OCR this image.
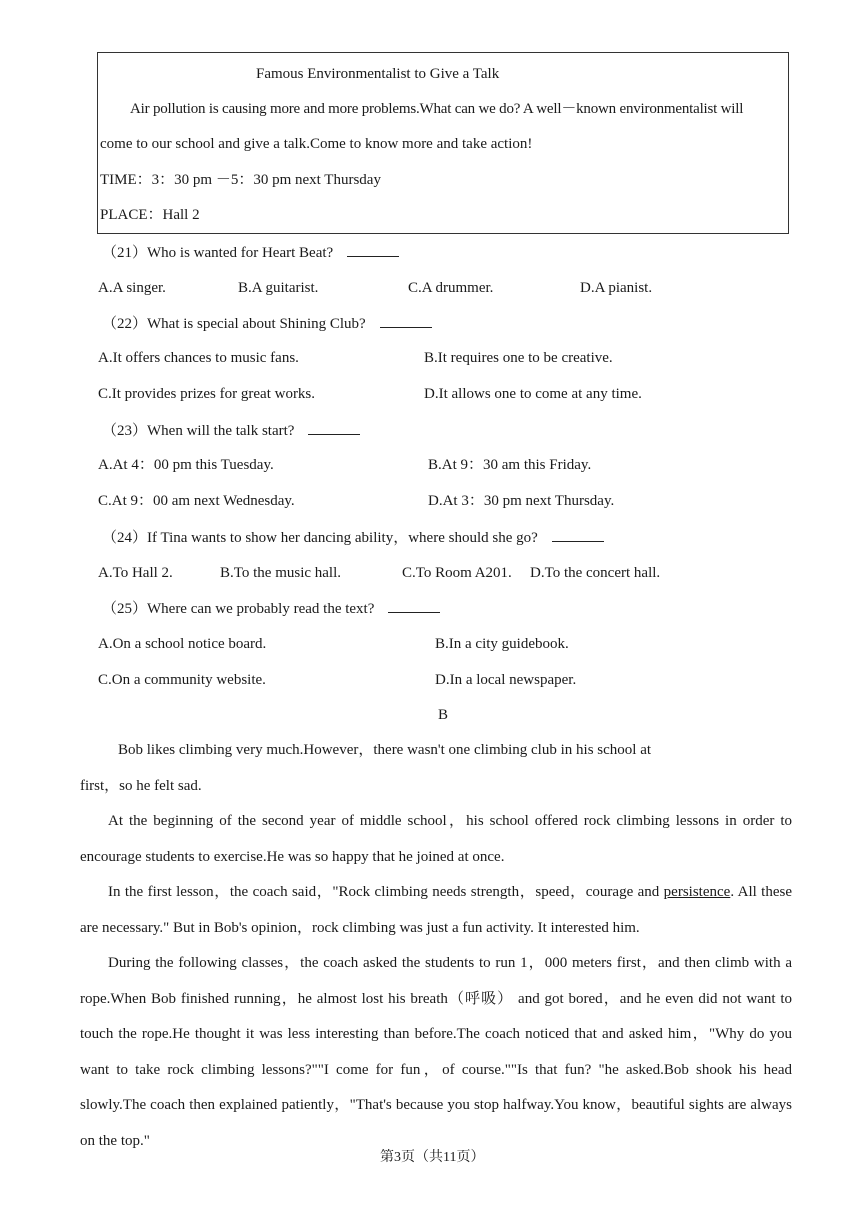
Famous Environmentalist to Give a Talk
Air pollution is causing more and more problems.What can we do? A well－known environmentalist will
come to our school and give a talk.Come to know more and take action!
TIME：3：30 pm －5：30 pm next Thursday
PLACE：Hall 2
（21）Who is wanted for Heart Beat?
A.A singer.	B.A guitarist.	C.A drummer.	D.A pianist.
（22）What is special about Shining Club?
A.It offers chances to music fans.	B.It requires one to be creative.
C.It provides prizes for great works.	D.It allows one to come at any time.
（23）When will the talk start?
A.At 4：00 pm this Tuesday.	B.At 9：30 am this Friday.
C.At 9：00 am next Wednesday.	D.At 3：30 pm next Thursday.
（24）If Tina wants to show her dancing ability，where should she go?
A.To Hall 2.	B.To the music hall.	C.To Room A201. D.To the concert hall.
（25）Where can we probably read the text?
A.On a school notice board.	B.In a city guidebook.
C.On a community website.	D.In a local newspaper.
B
Bob likes climbing very much.However，there wasn't one climbing club in his school at
first，so he felt sad.
At the beginning of the second year of middle school，his school offered rock climbing lessons in order to encourage students to exercise.He was so happy that he joined at once.
In the first lesson，the coach said，"Rock climbing needs strength，speed，courage and persistence. All these are necessary." But in Bob's opinion，rock climbing was just a fun activity. It interested him.
During the following classes，the coach asked the students to run 1，000 meters first，and then climb with a rope.When Bob finished running，he almost lost his breath（呼吸） and got bored，and he even did not want to touch the rope.He thought it was less interesting than before.The coach noticed that and asked him，"Why do you want to take rock climbing lessons?""I come for fun，of course.""Is that fun? "he asked.Bob shook his head slowly.The coach then explained patiently，"That's because you stop halfway.You know，beautiful sights are always on the top."
第3页（共11页）
